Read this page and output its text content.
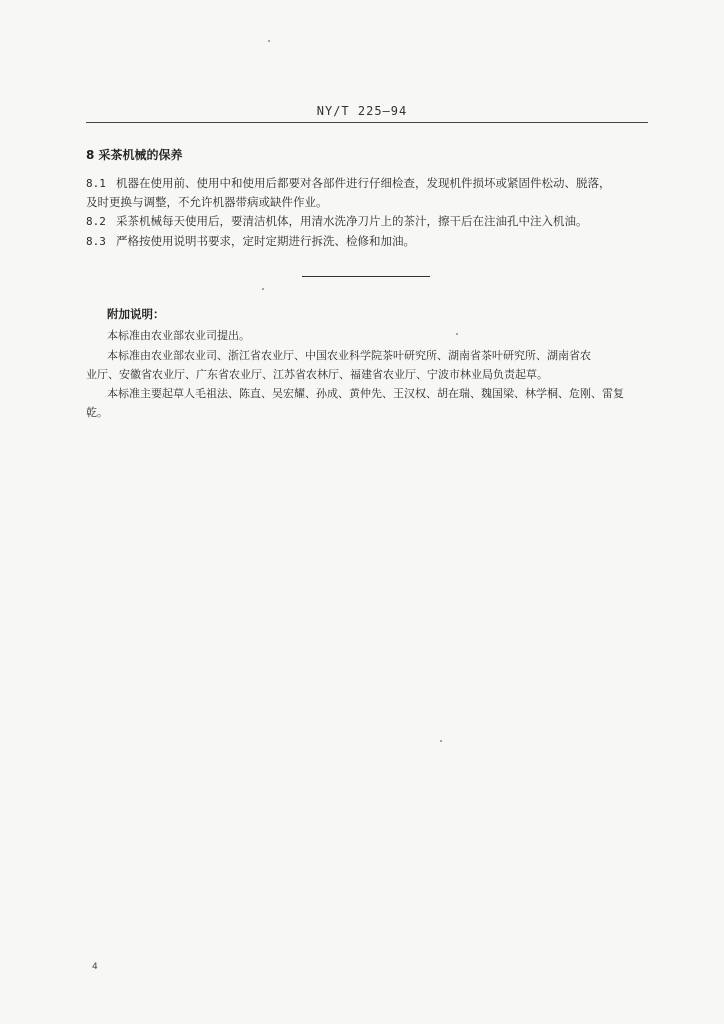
NY/T 225—94
8 采茶机械的保养
8.1 机器在使用前、使用中和使用后都要对各部件进行仔细检查，发现机件损坏或紧固件松动、脱落，
及时更换与调整，不允许机器带病或缺件作业。
8.2 采茶机械每天使用后，要清洁机体，用清水洗净刀片上的茶汁，擦干后在注油孔中注入机油。
8.3 严格按使用说明书要求，定时定期进行拆洗、检修和加油。
附加说明：
本标准由农业部农业司提出。
本标准由农业部农业司、浙江省农业厅、中国农业科学院茶叶研究所、湖南省茶叶研究所、湖南省农
业厅、安徽省农业厅、广东省农业厅、江苏省农林厅、福建省农业厅、宁波市林业局负责起草。
本标准主要起草人毛祖法、陈直、吴宏耀、孙成、黄仲先、王汉权、胡在瑞、魏国梁、林学桐、危刚、雷复
乾。
4
